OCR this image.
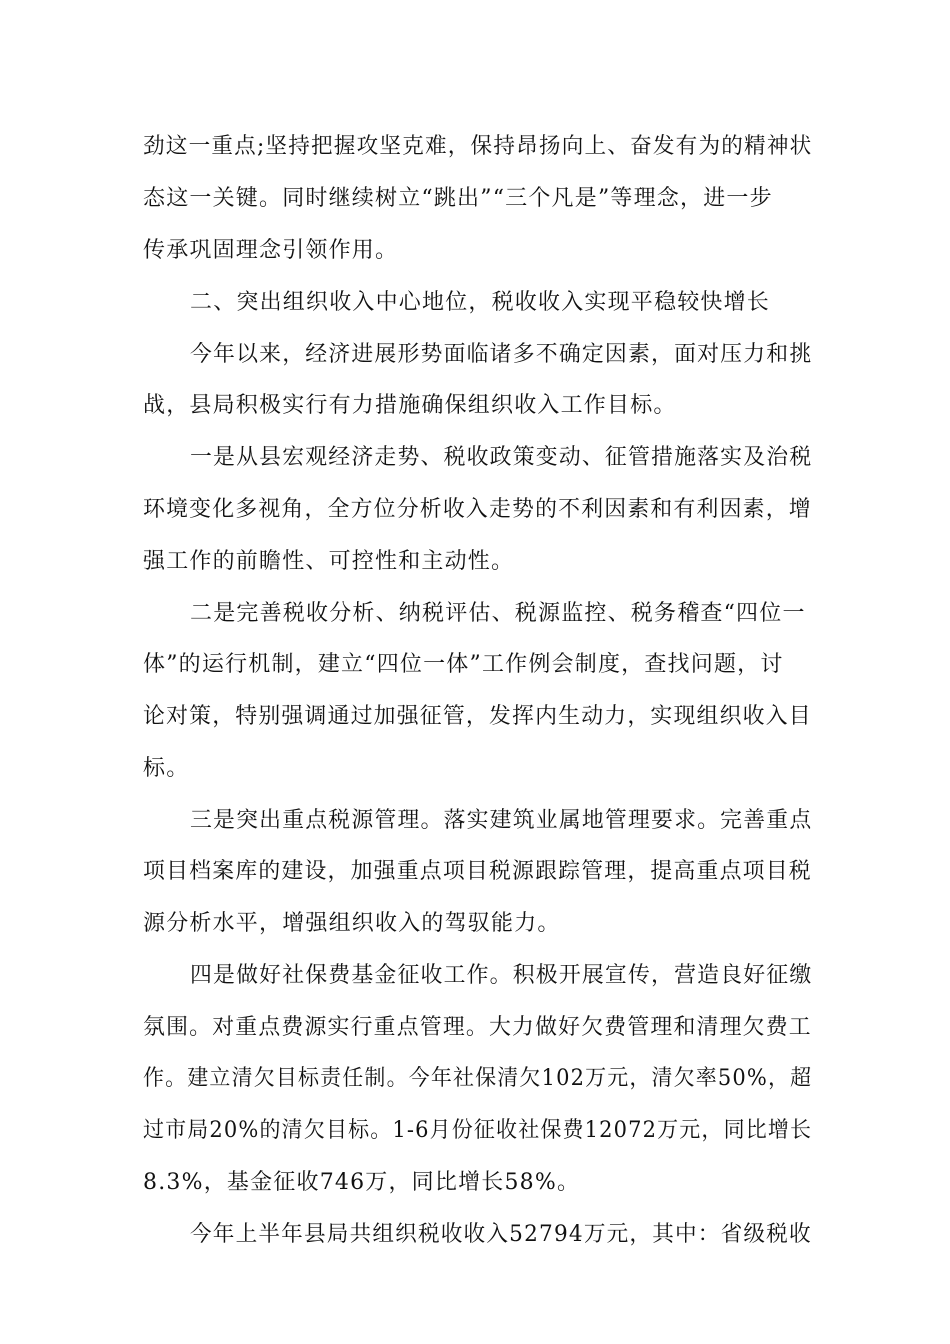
劲这一重点;坚持把握攻坚克难，保持昂扬向上、奋发有为的精神状
态这一关键。同时继续树立“跳出”“三个凡是”等理念，进一步
传承巩固理念引领作用。
二、突出组织收入中心地位，税收收入实现平稳较快增长
今年以来，经济进展形势面临诸多不确定因素，面对压力和挑
战，县局积极实行有力措施确保组织收入工作目标。
一是从县宏观经济走势、税收政策变动、征管措施落实及治税
环境变化多视角，全方位分析收入走势的不利因素和有利因素，增
强工作的前瞻性、可控性和主动性。
二是完善税收分析、纳税评估、税源监控、税务稽查“四位一
体”的运行机制，建立“四位一体”工作例会制度，查找问题，讨
论对策，特别强调通过加强征管，发挥内生动力，实现组织收入目
标。
三是突出重点税源管理。落实建筑业属地管理要求。完善重点
项目档案库的建设，加强重点项目税源跟踪管理，提高重点项目税
源分析水平，增强组织收入的驾驭能力。
四是做好社保费基金征收工作。积极开展宣传，营造良好征缴
氛围。对重点费源实行重点管理。大力做好欠费管理和清理欠费工
作。建立清欠目标责任制。今年社保清欠102万元，清欠率50%，超
过市局20%的清欠目标。1-6月份征收社保费12072万元，同比增长
8.3%，基金征收746万，同比增长58%。
今年上半年县局共组织税收收入52794万元，其中：省级税收
